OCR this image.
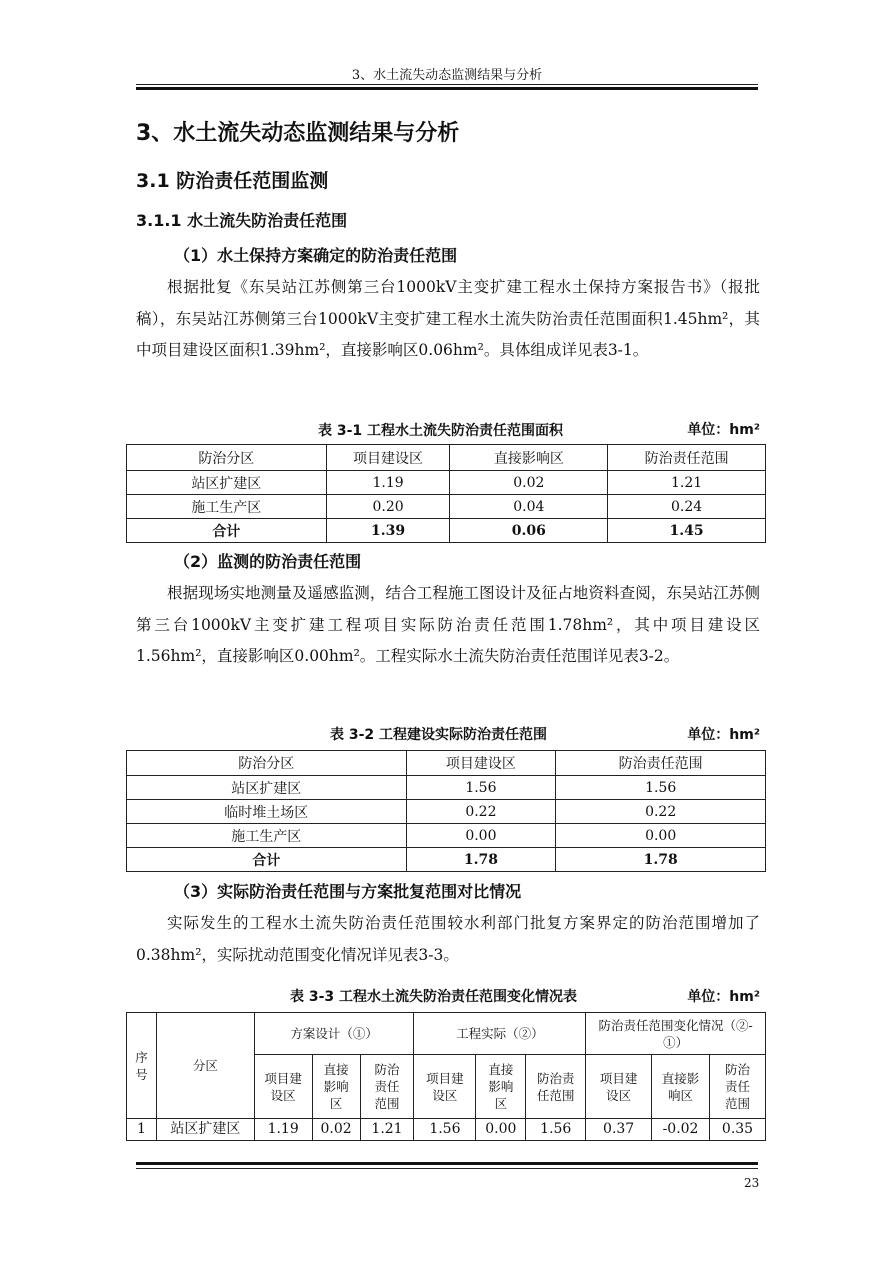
3、水土流失动态监测结果与分析
3、水土流失动态监测结果与分析
3.1 防治责任范围监测
3.1.1 水土流失防治责任范围
（1）水土保持方案确定的防治责任范围

根据批复《东吴站江苏侧第三台1000kV主变扩建工程水土保持方案报告书》（报批稿），东吴站江苏侧第三台1000kV主变扩建工程水土流失防治责任范围面积1.45hm²，其中项目建设区面积1.39hm²，直接影响区0.06hm²。具体组成详见表3-1。

表 3-1 工程水土流失防治责任范围面积	单位：hm²
防治分区	项目建设区	直接影响区	防治责任范围
站区扩建区	1.19	0.02	1.21
施工生产区	0.20	0.04	0.24
合计	1.39	0.06	1.45
（2）监测的防治责任范围

根据现场实地测量及遥感监测，结合工程施工图设计及征占地资料查阅，东吴站江苏侧第三台1000kV主变扩建工程项目实际防治责任范围1.78hm²，其中项目建设区1.56hm²，直接影响区0.00hm²。工程实际水土流失防治责任范围详见表3-2。

表 3-2 工程建设实际防治责任范围	单位：hm²
防治分区	项目建设区	防治责任范围
站区扩建区	1.56	1.56
临时堆土场区	0.22	0.22
施工生产区	0.00	0.00
合计	1.78	1.78
（3）实际防治责任范围与方案批复范围对比情况

实际发生的工程水土流失防治责任范围较水利部门批复方案界定的防治范围增加了0.38hm²，实际扰动范围变化情况详见表3-3。

表 3-3 工程水土流失防治责任范围变化情况表	单位：hm²
序号	分区	方案设计（①）			工程实际（②）			防治责任范围变化情况（②-①）		
		项目建设区	直接影响区	防治责任范围	项目建设区	直接影响区	防治责任范围	项目建设区	直接影响区	防治责任范围
1	站区扩建区	1.19	0.02	1.21	1.56	0.00	1.56	0.37	-0.02	0.35
23
